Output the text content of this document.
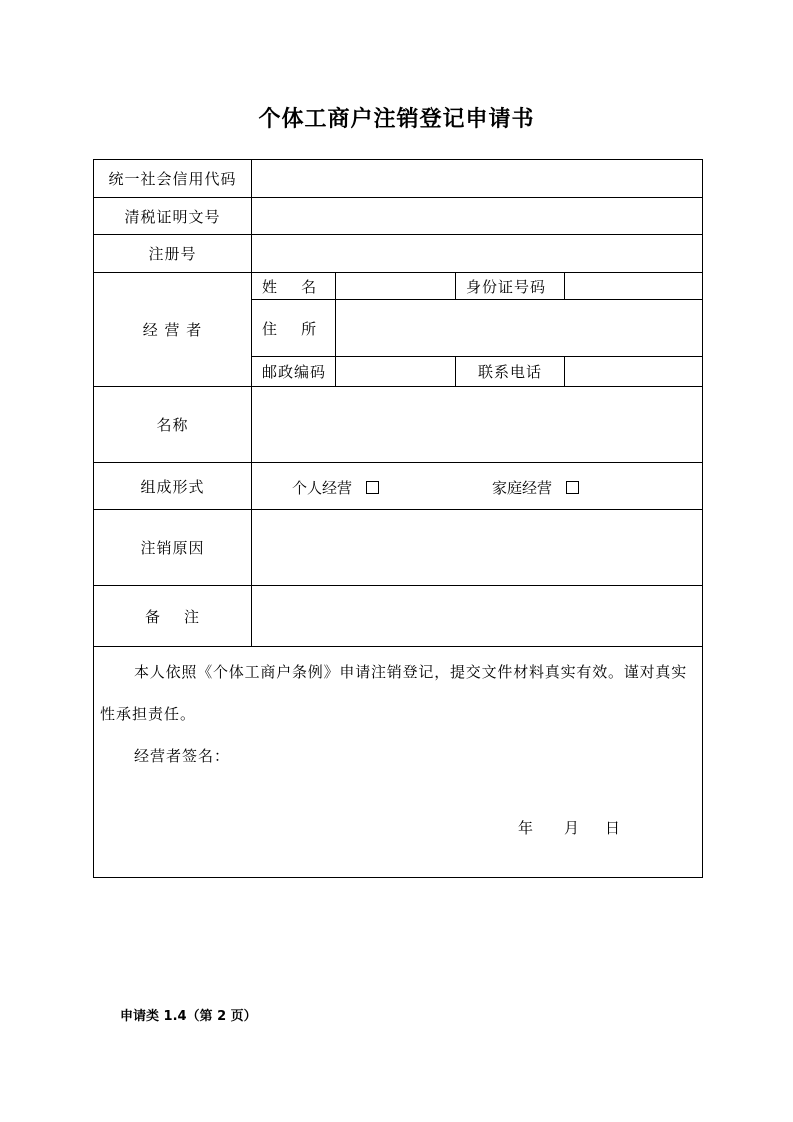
个体工商户注销登记申请书
统一社会信用代码				
清税证明文号				
注册号				
经 营 者	姓    名		身份证号码	
	住    所			
	邮政编码		联系电话	
名称				
组成形式	个人经营 家庭经营			

注销原因				
备    注				

本人依照《个体工商户条例》申请注销登记，提交文件材料真实有效。谨对真实
性承担责任。
经营者签名：
年 月 日				
申请类 1.4（第 2 页）
